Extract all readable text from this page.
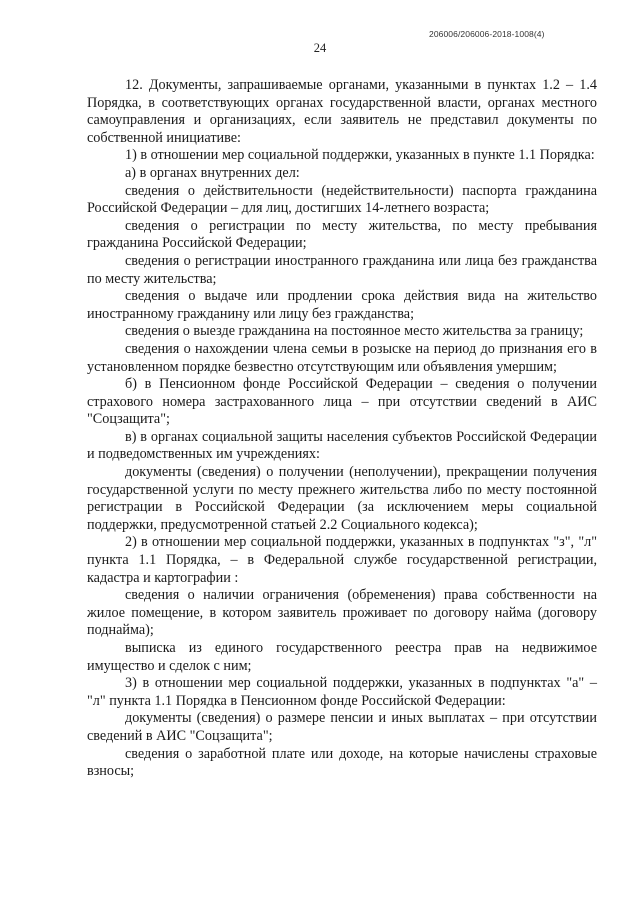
206006/206006-2018-1008(4)
24

12. Документы, запрашиваемые органами, указанными в пунктах 1.2 – 1.4 Порядка, в соответствующих органах государственной власти, органах местного самоуправления и организациях, если заявитель не представил документы по собственной инициативе:

1) в отношении мер социальной поддержки, указанных в пункте 1.1 Порядка:

а) в органах внутренних дел:

сведения о действительности (недействительности) паспорта гражданина Российской Федерации – для лиц, достигших 14-летнего возраста;

сведения о регистрации по месту жительства, по месту пребывания гражданина Российской Федерации;

сведения о регистрации иностранного гражданина или лица без гражданства по месту жительства;

сведения о выдаче или продлении срока действия вида на жительство иностранному гражданину или лицу без гражданства;

сведения о выезде гражданина на постоянное место жительства за границу;

сведения о нахождении члена семьи в розыске на период до признания его в установленном порядке безвестно отсутствующим или объявления умершим;

б) в Пенсионном фонде Российской Федерации – сведения о получении страхового номера застрахованного лица – при отсутствии сведений в АИС "Соцзащита";

в) в органах социальной защиты населения субъектов Российской Федерации и подведомственных им учреждениях:

документы (сведения) о получении (неполучении), прекращении получения государственной услуги по месту прежнего жительства либо по месту постоянной регистрации в Российской Федерации (за исключением меры социальной поддержки, предусмотренной статьей 2.2 Социального кодекса);

2) в отношении мер социальной поддержки, указанных в подпунктах "з", "л" пункта 1.1 Порядка, – в Федеральной службе государственной регистрации, кадастра и картографии :

сведения о наличии ограничения (обременения) права собственности на жилое помещение, в котором заявитель проживает по договору найма (договору поднайма);

выписка из единого государственного реестра прав на недвижимое имущество и сделок с ним;

3) в отношении мер социальной поддержки, указанных в подпунктах "а" – "л" пункта 1.1 Порядка в Пенсионном фонде Российской Федерации:

документы (сведения) о размере пенсии и иных выплатах – при отсутствии сведений в АИС "Соцзащита";

сведения о заработной плате или доходе, на которые начислены страховые взносы;
